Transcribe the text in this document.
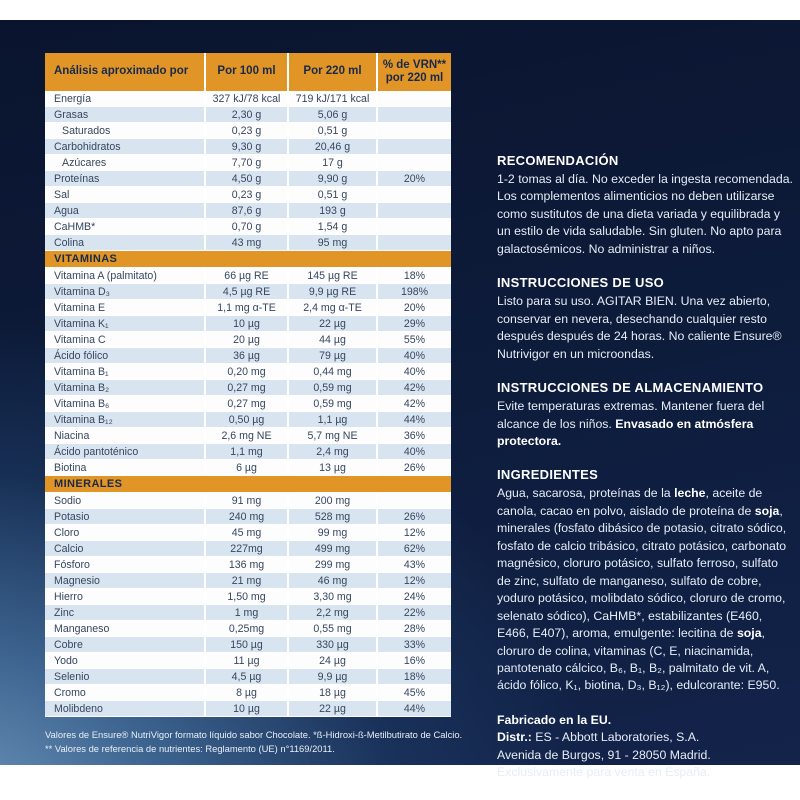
Análisis aproximado por	Por 100 ml	Por 220 ml	% de VRN** por 220 ml
Energía	327 kJ/78 kcal	719 kJ/171 kcal	
Grasas	2,30 g	5,06 g	
Saturados	0,23 g	0,51 g	
Carbohidratos	9,30 g	20,46 g	
Azúcares	7,70 g	17 g	
Proteínas	4,50 g	9,90 g	20%
Sal	0,23 g	0,51 g	
Agua	87,6 g	193 g	
CaHMB*	0,70 g	1,54 g	
Colina	43 mg	95 mg	
VITAMINAS			
Vitamina A (palmitato)	66 µg RE	145 µg RE	18%
Vitamina D₃	4,5 µg RE	9,9 µg RE	198%
Vitamina E	1,1 mg α-TE	2,4 mg α-TE	20%
Vitamina K₁	10 µg	22 µg	29%
Vitamina C	20 µg	44 µg	55%
Ácido fólico	36 µg	79 µg	40%
Vitamina B₁	0,20 mg	0,44 mg	40%
Vitamina B₂	0,27 mg	0,59 mg	42%
Vitamina B₆	0,27 mg	0,59 mg	42%
Vitamina B₁₂	0,50 µg	1,1 µg	44%
Niacina	2,6 mg NE	5,7 mg NE	36%
Ácido pantoténico	1,1 mg	2,4 mg	40%
Biotina	6 µg	13 µg	26%
MINERALES			
Sodio	91 mg	200 mg	
Potasio	240 mg	528 mg	26%
Cloro	45 mg	99 mg	12%
Calcio	227mg	499 mg	62%
Fósforo	136 mg	299 mg	43%
Magnesio	21 mg	46 mg	12%
Hierro	1,50 mg	3,30 mg	24%
Zinc	1 mg	2,2 mg	22%
Manganeso	0,25mg	0,55 mg	28%
Cobre	150 µg	330 µg	33%
Yodo	11 µg	24 µg	16%
Selenio	4,5 µg	9,9 µg	18%
Cromo	8 µg	18 µg	45%
Molibdeno	10 µg	22 µg	44%
Valores de Ensure® NutriVigor formato líquido sabor Chocolate. *ß-Hidroxi-ß-Metilbutirato de Calcio.
** Valores de referencia de nutrientes: Reglamento (UE) n°1169/2011.
RECOMENDACIÓN

1-2 tomas al día. No exceder la ingesta recomendada. Los complementos alimenticios no deben utilizarse como sustitutos de una dieta variada y equilibrada y un estilo de vida saludable. Sin gluten. No apto para galactosémicos. No administrar a niños.

INSTRUCCIONES DE USO

Listo para su uso. AGITAR BIEN. Una vez abierto, conservar en nevera, desechando cualquier resto después después de 24 horas. No caliente Ensure® Nutrivigor en un microondas.

INSTRUCCIONES DE ALMACENAMIENTO

Evite temperaturas extremas. Mantener fuera del alcance de los niños. Envasado en atmósfera protectora.

INGREDIENTES

Agua, sacarosa, proteínas de la leche, aceite de canola, cacao en polvo, aislado de proteína de soja, minerales (fosfato dibásico de potasio, citrato sódico, fosfato de calcio tribásico, citrato potásico, carbonato magnésico, cloruro potásico, sulfato ferroso, sulfato de zinc, sulfato de manganeso, sulfato de cobre, yoduro potásico, molibdato sódico, cloruro de cromo, selenato sódico), CaHMB*, estabilizantes (E460, E466, E407), aroma, emulgente: lecitina de soja, cloruro de colina, vitaminas (C, E, niacinamida, pantotenato cálcico, B₆, B₁, B₂, palmitato de vit. A, ácido fólico, K₁, biotina, D₃, B₁₂), edulcorante: E950.

Fabricado en la EU.

Distr.: ES - Abbott Laboratories, S.A.

Avenida de Burgos, 91 - 28050 Madrid.

Exclusivamente para venta en España.
